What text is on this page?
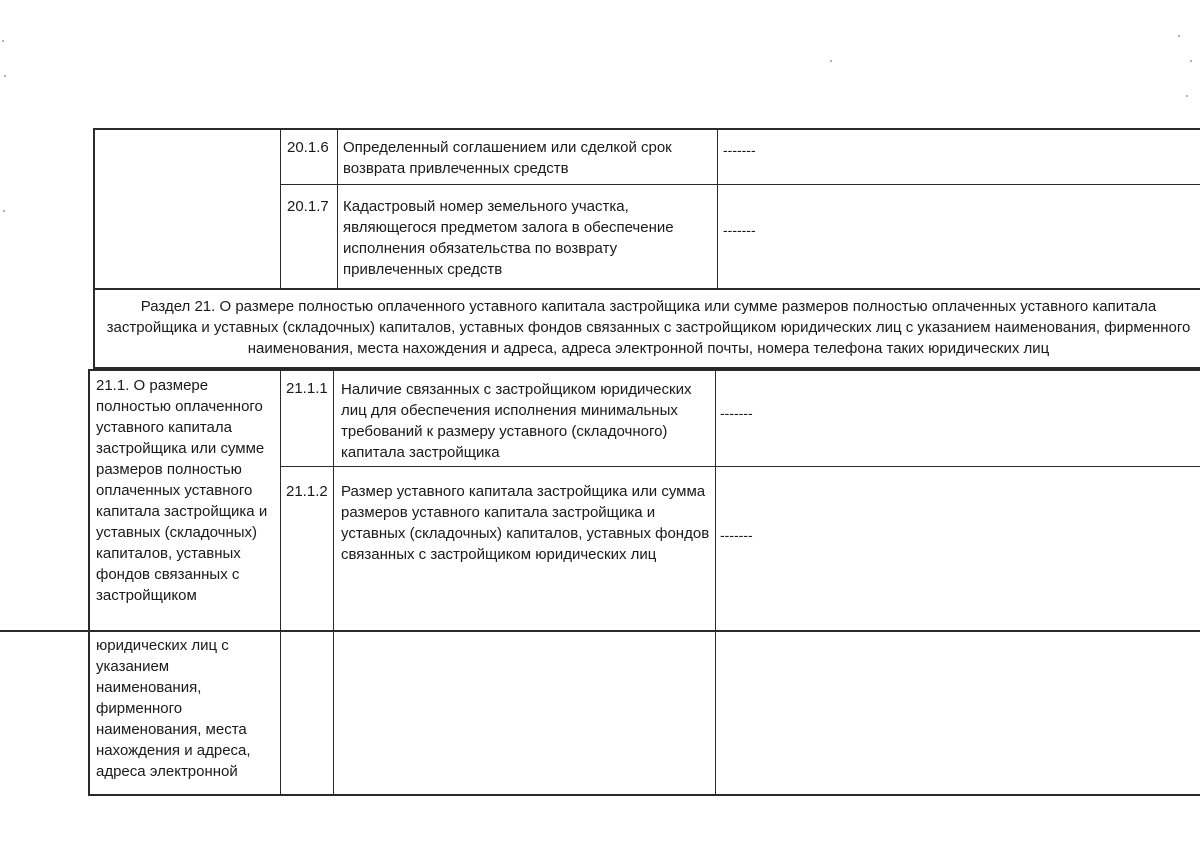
20.1.6 Определенный соглашением или сделкой срок возврата привлеченных средств
-------
20.1.7 Кадастровый номер земельного участка, являющегося предметом залога в обеспечение исполнения обязательства по возврату привлеченных средств
-------
Раздел 21. О размере полностью оплаченного уставного капитала застройщика или сумме размеров полностью оплаченных уставного капитала застройщика и уставных (складочных) капиталов, уставных фондов связанных с застройщиком юридических лиц с указанием наименования, фирменного наименования, места нахождения и адреса, адреса электронной почты, номера телефона таких юридических лиц
21.1. О размере полностью оплаченного уставного капитала застройщика или сумме размеров полностью оплаченных уставного капитала застройщика и уставных (складочных) капиталов, уставных фондов связанных с застройщиком
юридических лиц с указанием наименования, фирменного наименования, места нахождения и адреса, адреса электронной
21.1.1 Наличие связанных с застройщиком юридических лиц для обеспечения исполнения минимальных требований к размеру уставного (складочного) капитала застройщика
-------
21.1.2 Размер уставного капитала застройщика или сумма размеров уставного капитала застройщика и уставных (складочных) капиталов, уставных фондов связанных с застройщиком юридических лиц
-------
